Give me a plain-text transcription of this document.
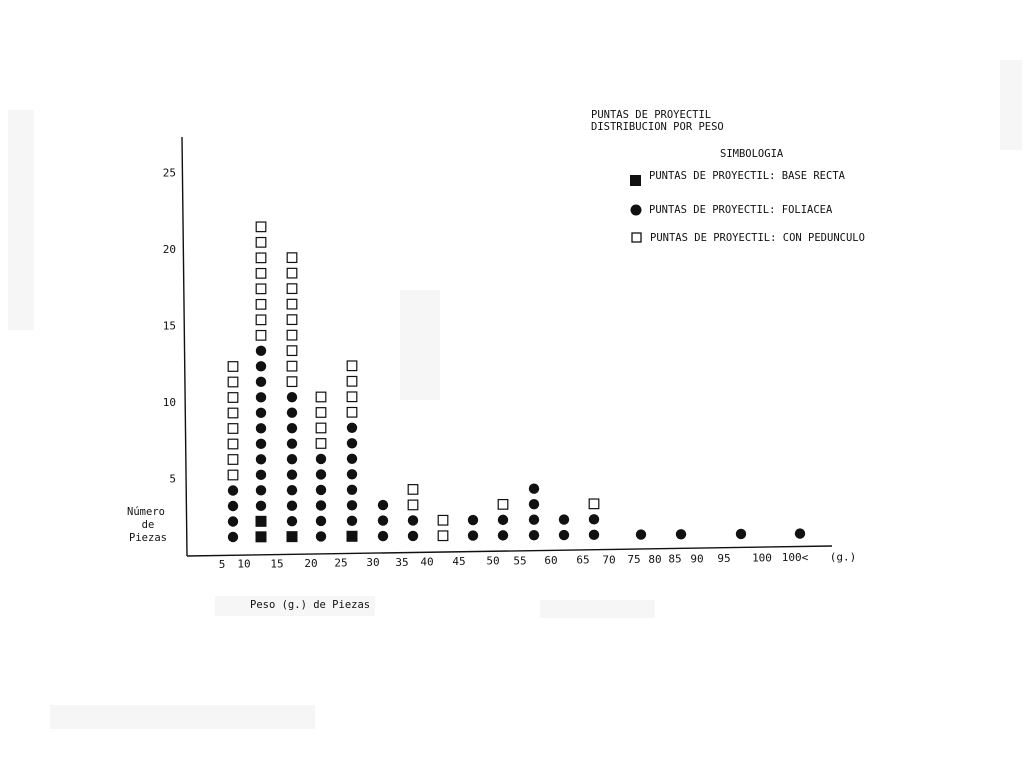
PUNTAS DE PROYECTIL
DISTRIBUCION POR PESO
SIMBOLOGIA
PUNTAS DE PROYECTIL: BASE RECTA
PUNTAS DE PROYECTIL: FOLIACEA
PUNTAS DE PROYECTIL: CON PEDUNCULO
Número
de
Piezas
Peso (g.) de Piezas
5
10
15
20
25
5 10 15 20 25 30 35 40 45 50 55 60 65 70 75 80 85 90 95 100 100< (g.)
